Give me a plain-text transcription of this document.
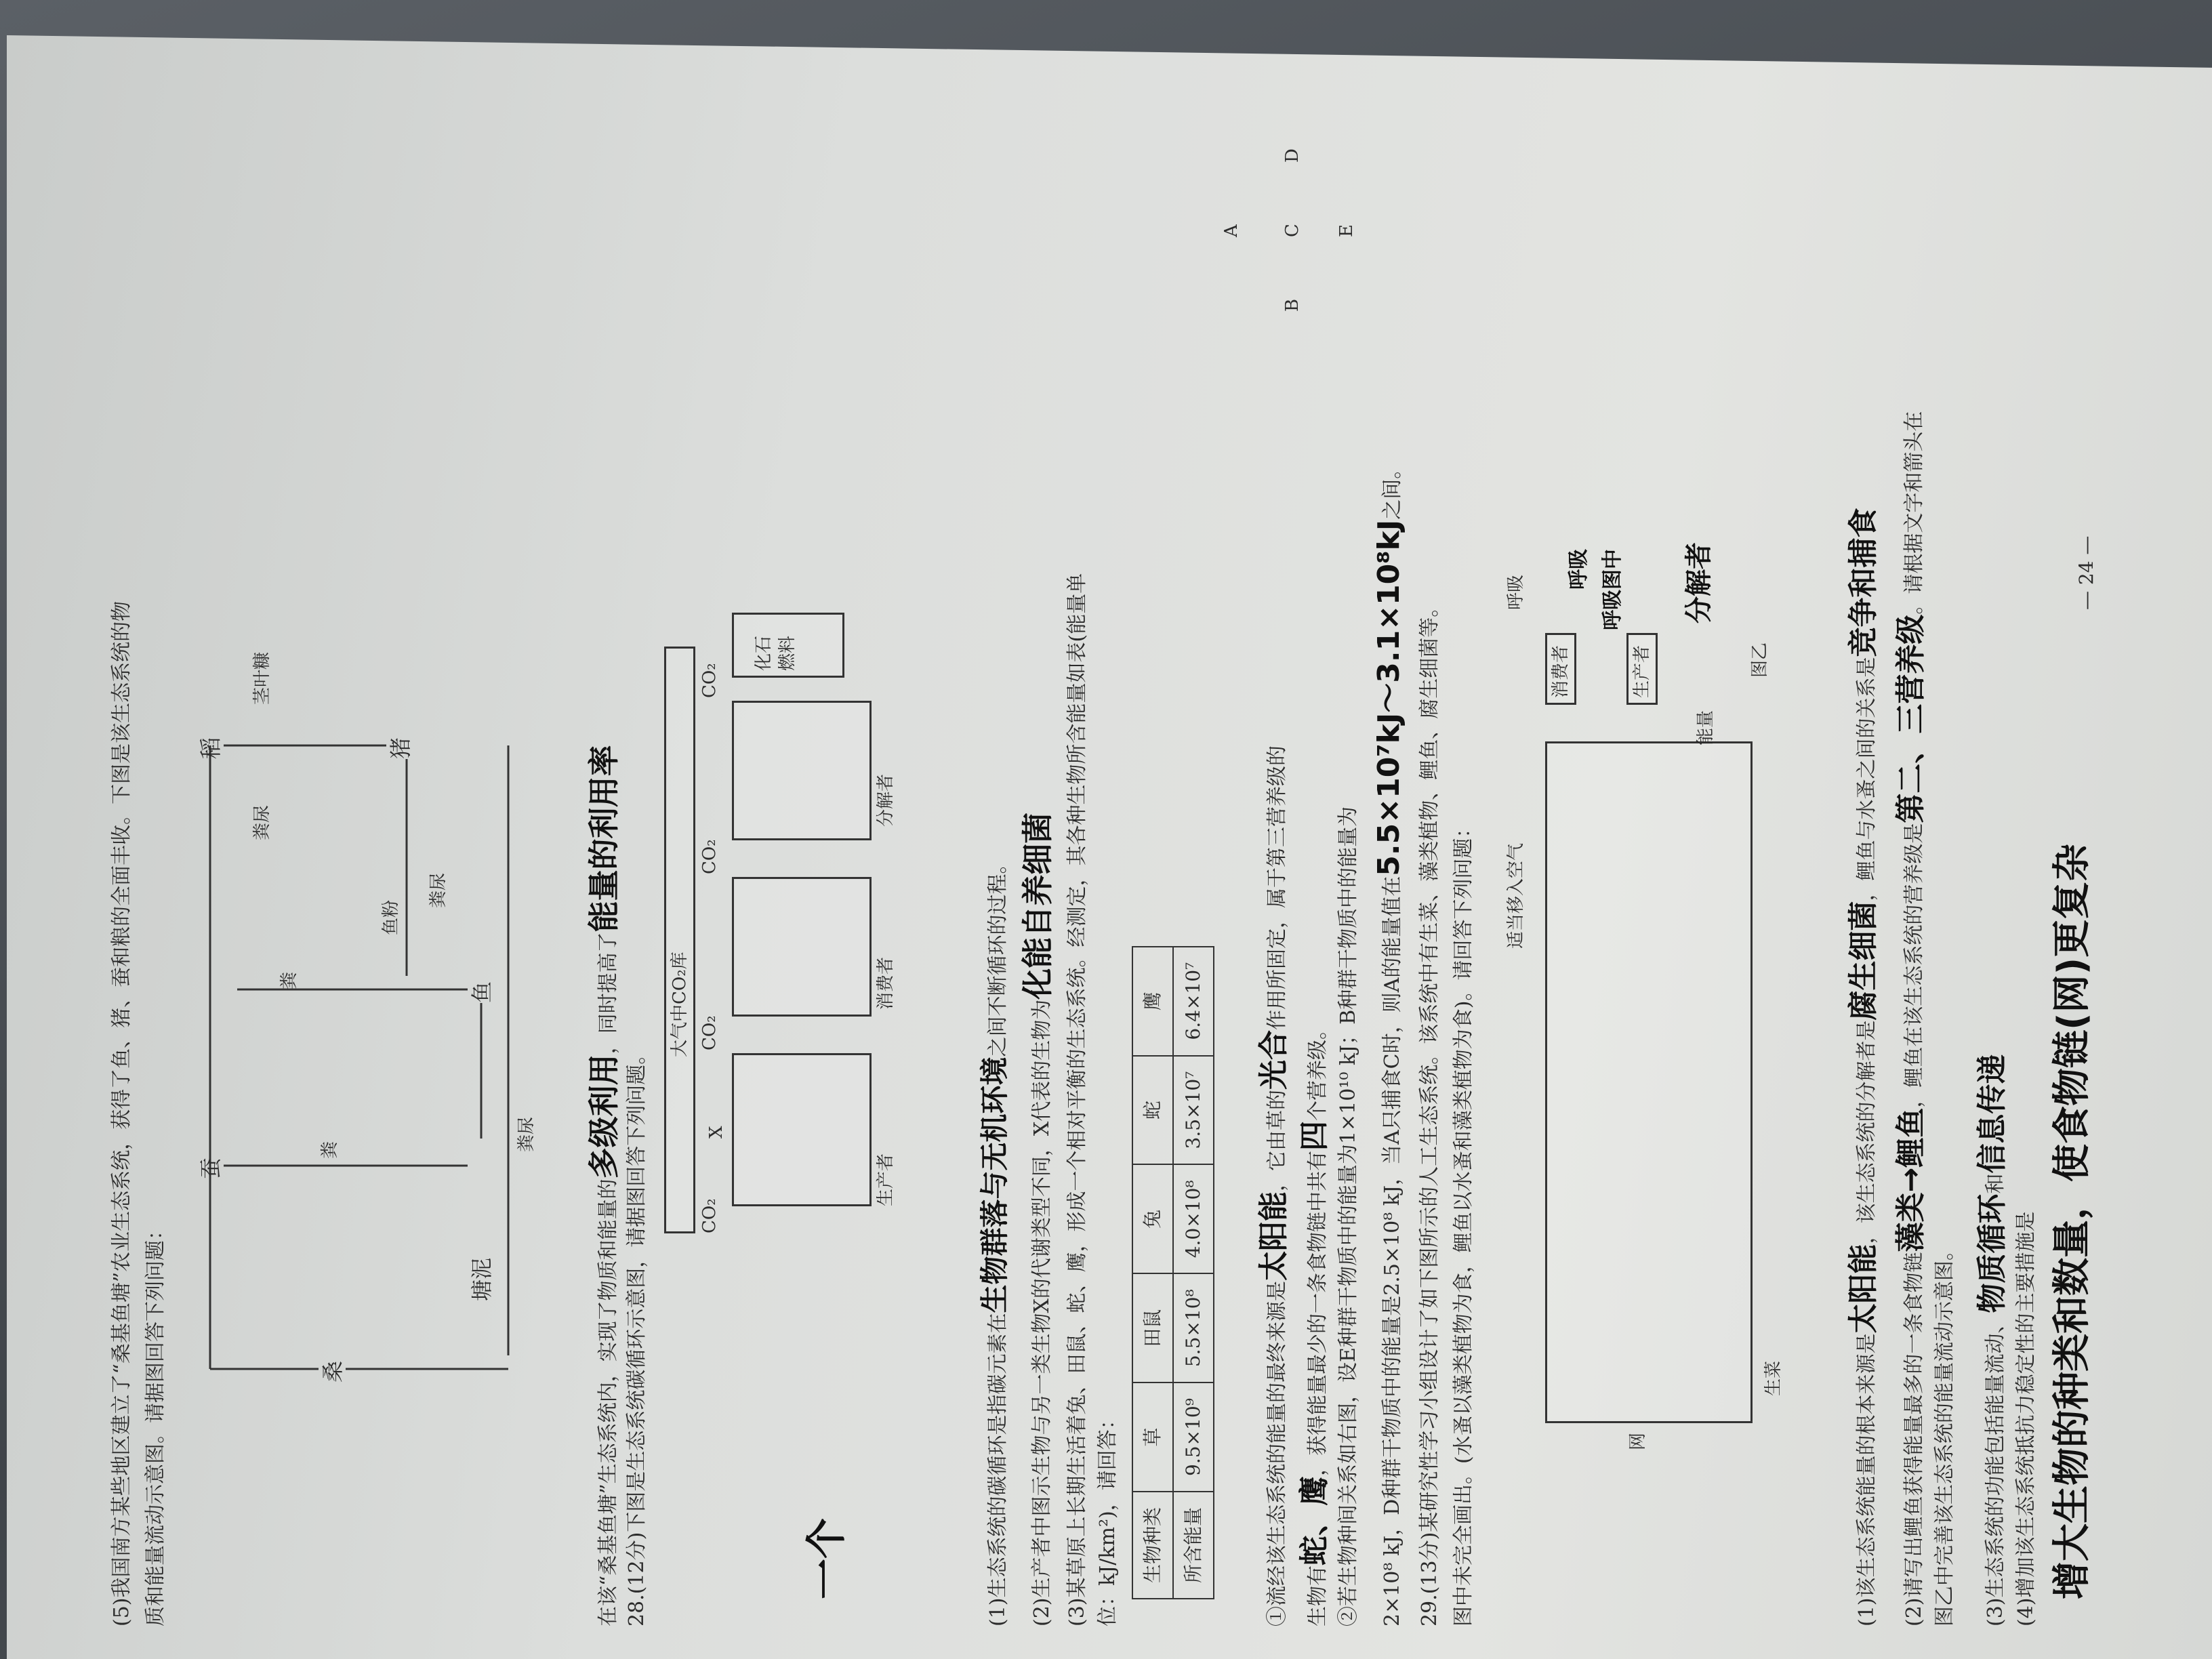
(5)我国南方某些地区建立了“桑基鱼塘”农业生态系统，获得了鱼、猪、蚕和粮的全面丰收。下图是该生态系统的物 质和能量流动示意图。请据图回答下列问题：	桑
蚕
稻	猪
鱼
塘泥
粪
粪
粪尿
粪尿
粪尿
鱼粉
茎叶糠
在该“桑基鱼塘”生态系统内，实现了物质和能量的多级利用，同时提高了能量的利用率
28.(12分)下图是生态系统碳循环示意图，请据图回答下列问题。
大气中CO₂库
生产者
X
消费者
分解者
化石燃料
CO₂
CO₂
CO₂
CO₂
(1)生态系统的碳循环是指碳元素在生物群落与无机环境之间不断循环的过程。
(2)生产者中图示生物与另一类生物X的代谢类型不同，X代表的生物为化能自养细菌 (3)某草原上长期生活着兔、田鼠、蛇、鹰，形成一个相对平衡的生态系统。经测定，其各种生物所含能量如表(能量单 位：kJ/km²)，请回答： 生物种类	草	田鼠	兔	蛇	鹰
所含能量	9.5×10⁹	5.5×10⁸	4.0×10⁸	3.5×10⁷	6.4×10⁷
①流经该生态系统的能量的最终来源是太阳能，它由草的光合作用所固定，属于第三营养级的
生物有蛇、鹰，获得能量最少的一条食物链中共有四个营养级。 ②若生物种间关系如右图，设E种群干物质中的能量为1×10¹⁰ kJ；B种群干物质中的能量为	2×10⁸ kJ，D种群干物质中的能量是2.5×10⁸ kJ，当A只捕食C时，则A的能量值在5.5×10⁷kJ～3.1×10⁸kJ之间。
A
B
C
D
E
29.(13分)某研究性学习小组设计了如下图所示的人工生态系统。该系统中有生菜、藻类植物、鲤鱼、腐生细菌等。 图中未完全画出。(水蚤以藻类植物为食，鲤鱼以水蚤和藻类植物为食)。请回答下列问题： 适当移入空气
生菜
网
生产者
消费者
能量
呼吸
图乙
分解者
呼吸 呼吸图中
(1)该生态系统能量的根本来源是太阳能，该生态系统的分解者是腐生细菌，鲤鱼与水蚤之间的关系是竞争和捕食
(2)请写出鲤鱼获得能量最多的一条食物链藻类→鲤鱼，鲤鱼在该生态系统的营养级是第二、三营养级。请根据文字和箭头在
图乙中完善该生态系统的能量流动示意图。	(3)生态系统的功能包括能量流动、物质循环和信息传递
(4)增加该生态系统抵抗力稳定性的主要措施是 增大生物的种类和数量，使食物链(网)更复杂
一个
— 24 —
